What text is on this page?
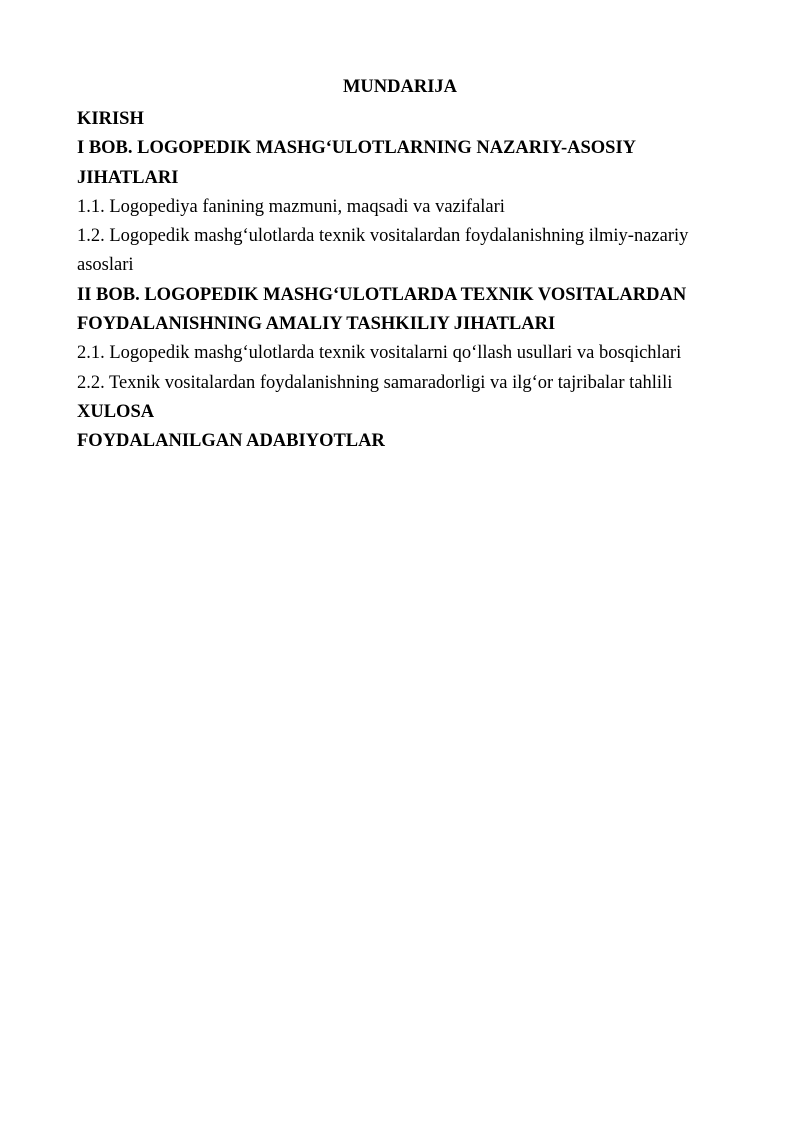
MUNDARIJA
KIRISH
I BOB. LOGOPEDIK MASHG‘ULOTLARNING NAZARIY-ASOSIY JIHATLARI
1.1. Logopediya fanining mazmuni, maqsadi va vazifalari
1.2. Logopedik mashg‘ulotlarda texnik vositalardan foydalanishning ilmiy-nazariy asoslari
II BOB. LOGOPEDIK MASHG‘ULOTLARDA TEXNIK VOSITALARDAN FOYDALANISHNING AMALIY TASHKILIY JIHATLARI
2.1. Logopedik mashg‘ulotlarda texnik vositalarni qo‘llash usullari va bosqichlari
2.2. Texnik vositalardan foydalanishning samaradorligi va ilg‘or tajribalar tahlili
XULOSA
FOYDALANILGAN ADABIYOTLAR
